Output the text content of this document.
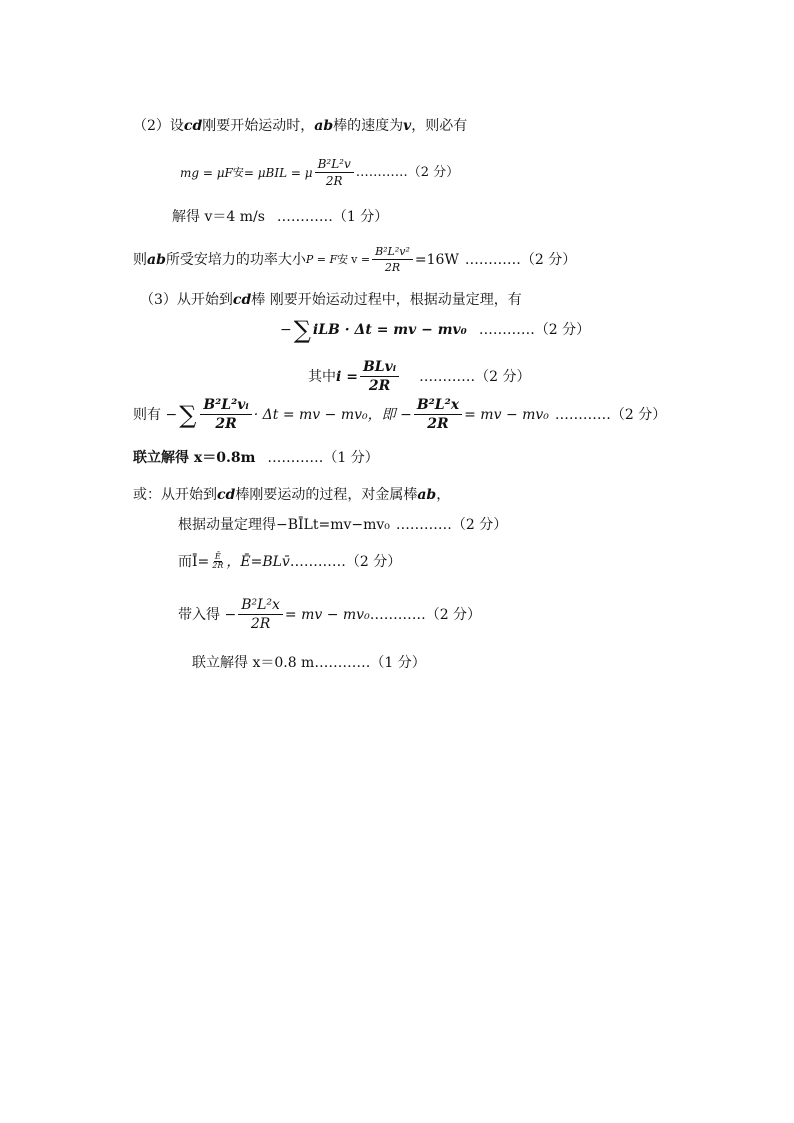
（2）设 cd 刚要开始运动时， ab 棒的速度为 v ，则必有
mg = μF 安 = μBIL = μ $\frac{\text{B²L²v}}{2R}$ …………（2 分）
解得 v＝4 m/s …………（1 分）
则 ab 所受安培力的功率大小 P = F 安 $v = \frac{\text{B²L²v²}}{2R} =16W$ …………（2 分）
（3）从开始到 cd 棒 刚要开始运动过程中，根据动量定理，有
− ∑ iLB · Δt = mv − mv₀ …………（2 分）
其中 $i = \frac{\text{BLvᵢ}}{2R}$ …………（2 分）
则有 − ∑ $\frac{\text{B²L²vᵢ}}{2R} \cdot \Delta t$ = mv − mv₀，即 − $\frac{\text{B²L²x}}{2R}$ = mv − mv₀ …………（2 分）
联立解得 x＝0.8m …………（1 分）
或：从开始到 cd 棒刚要运动的过程，对金属棒 ab ，
根据动量定理得−BĪLt=mv−mv₀ …………（2 分）
而Ī= $\frac{Ē}{2R}$ ，Ē=BLv̄ …………（2 分）
带入得 − $\frac{\text{B²L²x}}{2R}$ = mv − mv₀ …………（2 分）
联立解得 x＝0.8 m …………（1 分）
